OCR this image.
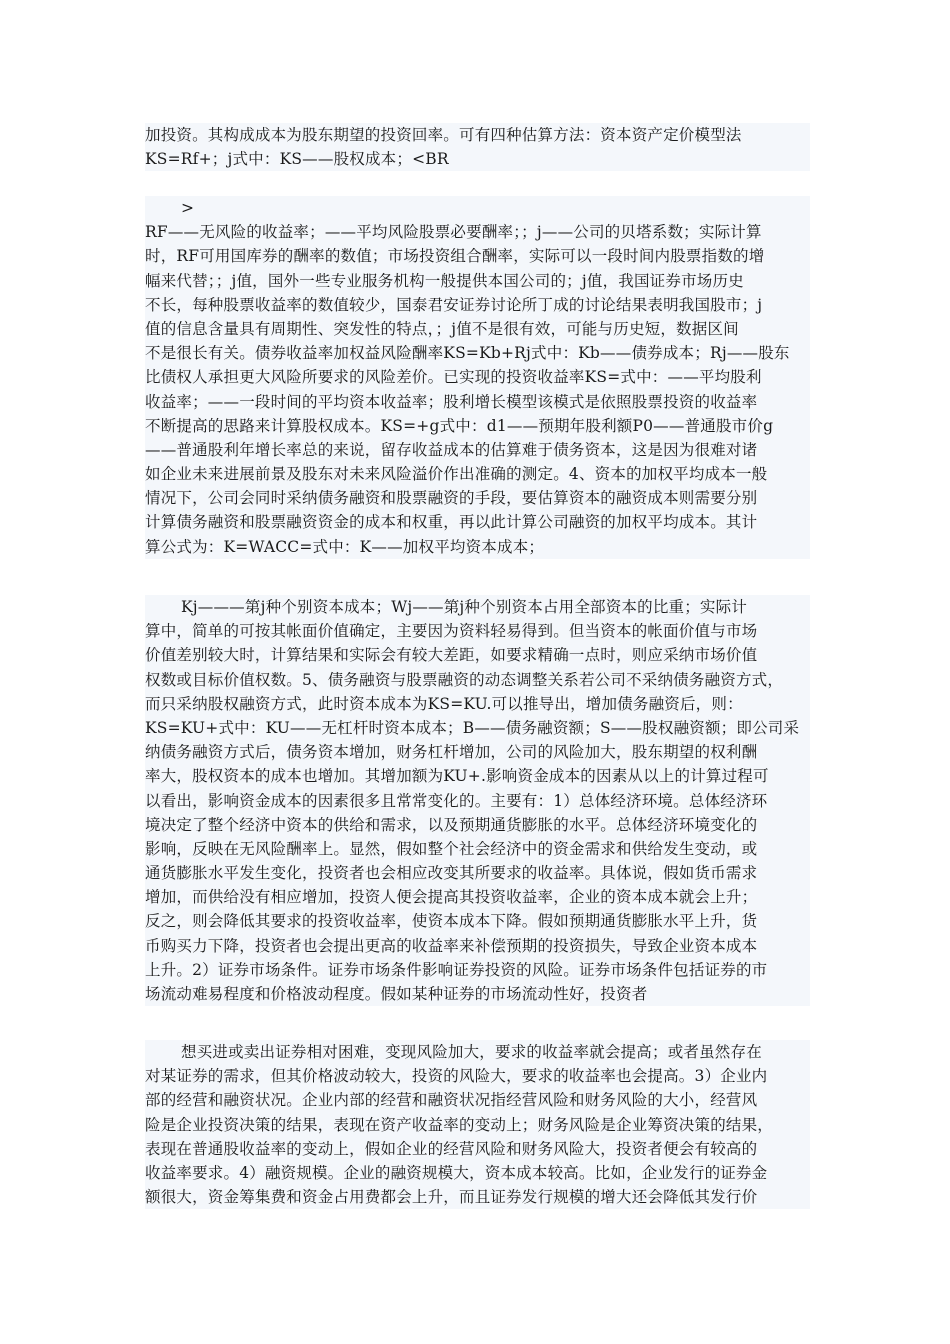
加投资。其构成成本为股东期望的投资回率。可有四种估算方法：资本资产定价模型法
KS=Rf+；j式中：KS——股权成本；<BR
>
RF——无风险的收益率；——平均风险股票必要酬率；；j——公司的贝塔系数；实际计算
时，RF可用国库券的酬率的数值；市场投资组合酬率，实际可以一段时间内股票指数的增
幅来代替；；j值，国外一些专业服务机构一般提供本国公司的；j值，我国证券市场历史
不长，每种股票收益率的数值较少，国泰君安证券讨论所丁成的讨论结果表明我国股市；j
值的信息含量具有周期性、突发性的特点，；j值不是很有效，可能与历史短，数据区间
不是很长有关。债券收益率加权益风险酬率KS=Kb+Rj式中：Kb——债券成本；Rj——股东
比债权人承担更大风险所要求的风险差价。已实现的投资收益率KS=式中：——平均股利
收益率；——一段时间的平均资本收益率；股利增长模型该模式是依照股票投资的收益率
不断提高的思路来计算股权成本。KS=+g式中：d1——预期年股利额P0——普通股市价g
——普通股利年增长率总的来说，留存收益成本的估算难于债务资本，这是因为很难对诸
如企业未来进展前景及股东对未来风险溢价作出准确的测定。4、资本的加权平均成本一般
情况下，公司会同时采纳债务融资和股票融资的手段，要估算资本的融资成本则需要分别
计算债务融资和股票融资资金的成本和权重，再以此计算公司融资的加权平均成本。其计
算公式为：K=WACC=式中：K——加权平均资本成本；
Kj———第j种个别资本成本；Wj——第j种个别资本占用全部资本的比重；实际计
算中，简单的可按其帐面价值确定，主要因为资料轻易得到。但当资本的帐面价值与市场
价值差别较大时，计算结果和实际会有较大差距，如要求精确一点时，则应采纳市场价值
权数或目标价值权数。5、债务融资与股票融资的动态调整关系若公司不采纳债务融资方式，
而只采纳股权融资方式，此时资本成本为KS=KU.可以推导出，增加债务融资后，则：
KS=KU+式中：KU——无杠杆时资本成本；B——债务融资额；S——股权融资额；即公司采
纳债务融资方式后，债务资本增加，财务杠杆增加，公司的风险加大，股东期望的权利酬
率大，股权资本的成本也增加。其增加额为KU+.影响资金成本的因素从以上的计算过程可
以看出，影响资金成本的因素很多且常常变化的。主要有：1）总体经济环境。总体经济环
境决定了整个经济中资本的供给和需求，以及预期通货膨胀的水平。总体经济环境变化的
影响，反映在无风险酬率上。显然，假如整个社会经济中的资金需求和供给发生变动，或
通货膨胀水平发生变化，投资者也会相应改变其所要求的收益率。具体说，假如货币需求
增加，而供给没有相应增加，投资人便会提高其投资收益率，企业的资本成本就会上升；
反之，则会降低其要求的投资收益率，使资本成本下降。假如预期通货膨胀水平上升，货
币购买力下降，投资者也会提出更高的收益率来补偿预期的投资损失，导致企业资本成本
上升。2）证券市场条件。证券市场条件影响证券投资的风险。证券市场条件包括证券的市
场流动难易程度和价格波动程度。假如某种证券的市场流动性好，投资者
想买进或卖出证券相对困难，变现风险加大，要求的收益率就会提高；或者虽然存在
对某证券的需求，但其价格波动较大，投资的风险大，要求的收益率也会提高。3）企业内
部的经营和融资状况。企业内部的经营和融资状况指经营风险和财务风险的大小，经营风
险是企业投资决策的结果，表现在资产收益率的变动上；财务风险是企业筹资决策的结果，
表现在普通股收益率的变动上，假如企业的经营风险和财务风险大，投资者便会有较高的
收益率要求。4）融资规模。企业的融资规模大，资本成本较高。比如，企业发行的证券金
额很大，资金筹集费和资金占用费都会上升，而且证券发行规模的增大还会降低其发行价
